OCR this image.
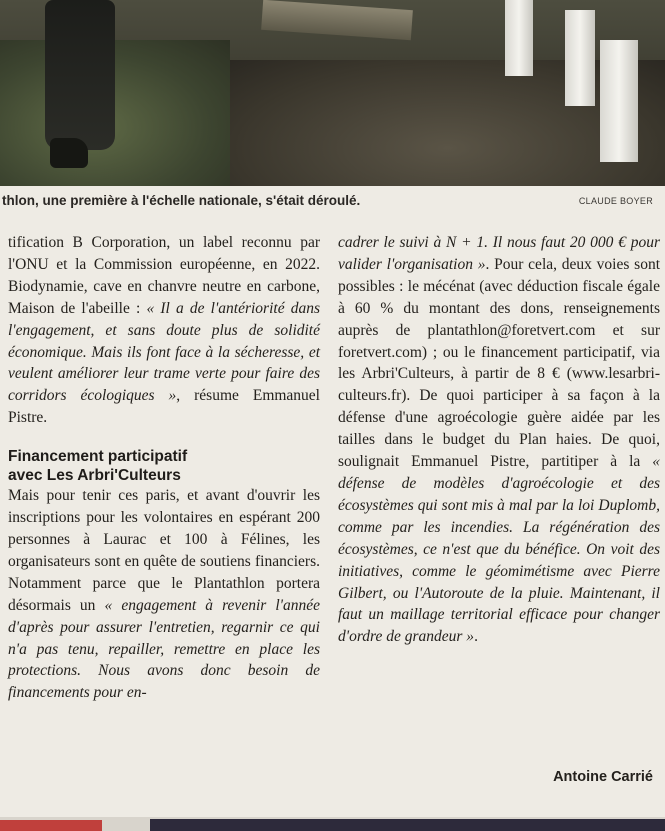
thlon, une première à l'échelle nationale, s'était déroulé.	CLAUDE BOYER

tification B Corporation, un label reconnu par l'ONU et la Commission européenne, en 2022. Biodynamie, cave en chanvre neutre en carbone, Maison de l'abeille : « Il a de l'antériorité dans l'engagement, et sans doute plus de solidité économique. Mais ils font face à la sécheresse, et veulent améliorer leur trame verte pour faire des corridors écologiques », résume Emmanuel Pistre.

Financement participatif
avec Les Arbri'Culteurs

Mais pour tenir ces paris, et avant d'ouvrir les inscriptions pour les volontaires en espérant 200 personnes à Laurac et 100 à Félines, les organisateurs sont en quête de soutiens financiers. Notamment parce que le Plantathlon portera désormais un « engagement à revenir l'année d'après pour assurer l'entretien, regarnir ce qui n'a pas tenu, repailler, remettre en place les protections. Nous avons donc besoin de financements pour en-

cadrer le suivi à N + 1. Il nous faut 20 000 € pour valider l'organisation ». Pour cela, deux voies sont possibles : le mécénat (avec déduction fiscale égale à 60 % du montant des dons, renseignements auprès de plantathlon@foretvert.com et sur foretvert.com) ; ou le financement participatif, via les Arbri'Culteurs, à partir de 8 € (www.lesarbri-culteurs.fr). De quoi participer à sa façon à la défense d'une agroécologie guère aidée par les tailles dans le budget du Plan haies. De quoi, soulignait Emmanuel Pistre, partitiper à la « défense de modèles d'agroécologie et des écosystèmes qui sont mis à mal par la loi Duplomb, comme par les incendies. La régénération des écosystèmes, ce n'est que du bénéfice. On voit des initiatives, comme le géomimétisme avec Pierre Gilbert, ou l'Autoroute de la pluie. Maintenant, il faut un maillage territorial efficace pour changer d'ordre de grandeur ».

Antoine Carrié
